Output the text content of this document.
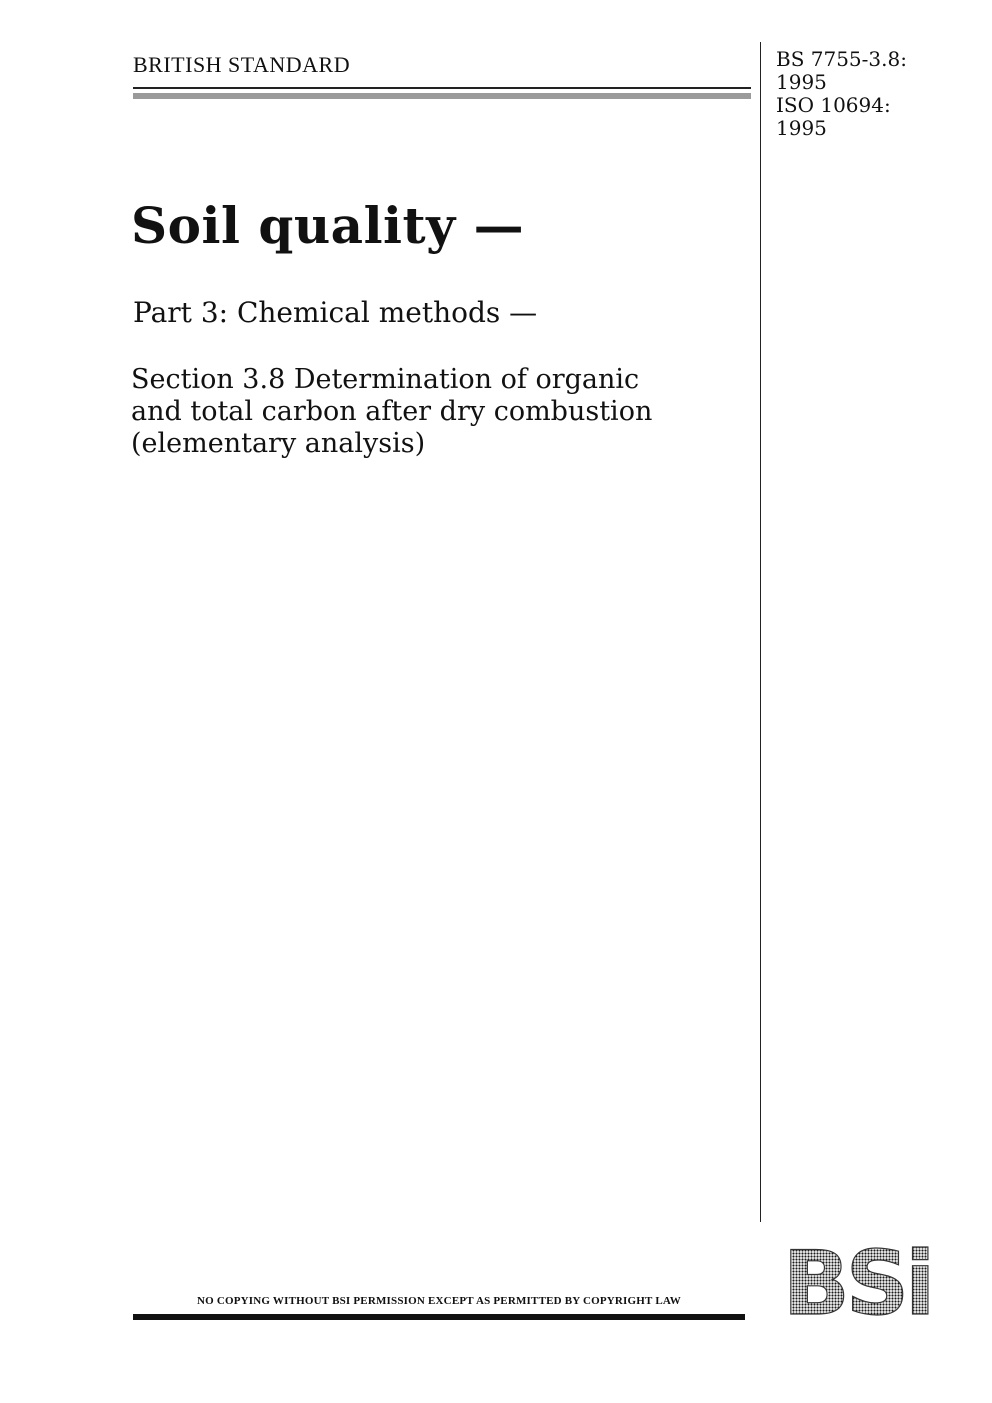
BRITISH STANDARD	BS 7755-3.8:
1995
ISO 10694:
1995
Soil quality —
Part 3: Chemical methods —
Section 3.8 Determination of organic
and total carbon after dry combustion
(elementary analysis)
NO COPYING WITHOUT BSI PERMISSION EXCEPT AS PERMITTED BY COPYRIGHT LAW	BSi
